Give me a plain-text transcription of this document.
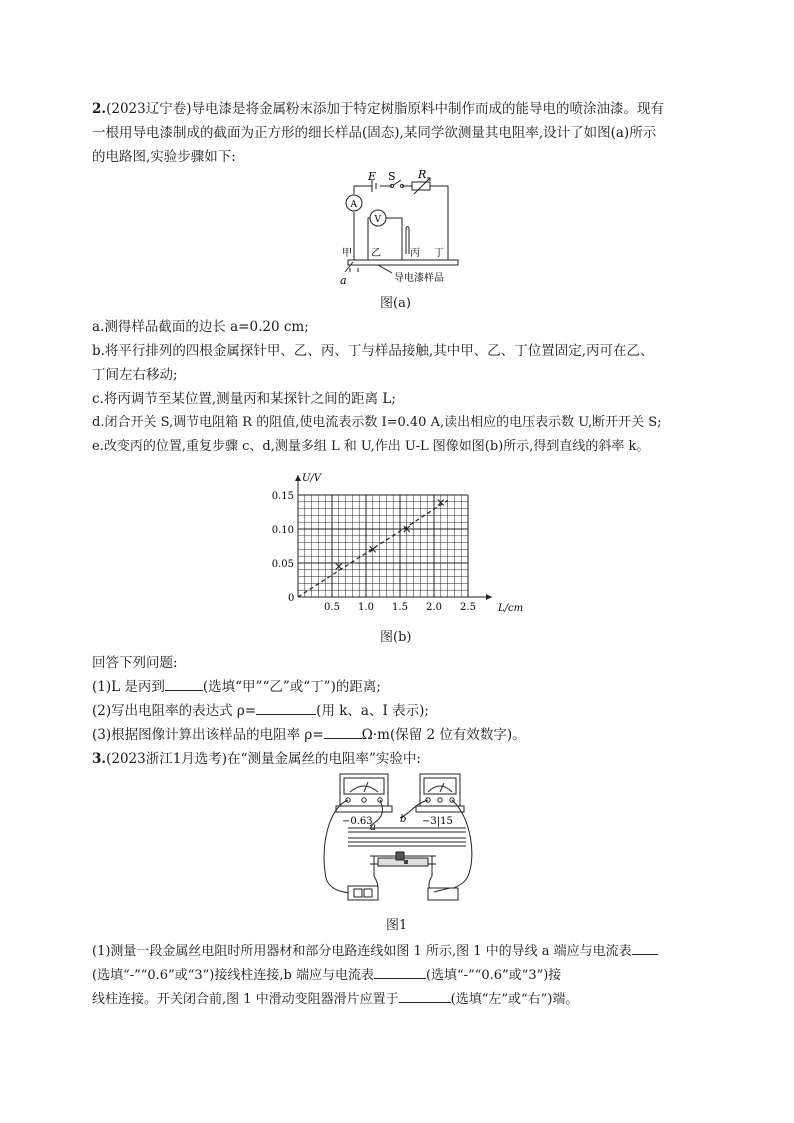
2.(2023辽宁卷)导电漆是将金属粉末添加于特定树脂原料中制作而成的能导电的喷涂油漆。现有
一根用导电漆制成的截面为正方形的细长样品(固态),某同学欲测量其电阻率,设计了如图(a)所示
的电路图,实验步骤如下:
E S R
A
V
甲 乙	丙 丁
a	导电漆样品
图(a)
a.测得样品截面的边长 a=0.20 cm;
b.将平行排列的四根金属探针甲、乙、丙、丁与样品接触,其中甲、乙、丁位置固定,丙可在乙、
丁间左右移动;
c.将丙调节至某位置,测量丙和某探针之间的距离 L;
d.闭合开关 S,调节电阻箱 R 的阻值,使电流表示数 I=0.40 A,读出相应的电压表示数 U,断开开关 S;
e.改变丙的位置,重复步骤 c、d,测量多组 L 和 U,作出 U-L 图像如图(b)所示,得到直线的斜率 k。
0.5 1.0 1.5 2.0 2.5
0.05
0.10
0.15
0
L/cm
U/V
图(b)
回答下列问题:
(1)L 是丙到	(选填“甲”“乙”或“丁”)的距离;
(2)写出电阻率的表达式 ρ=	(用 k、a、I 表示);
(3)根据图像计算出该样品的电阻率 ρ=	Ω·m(保留 2 位有效数字)。
3.(2023浙江1月选考)在“测量金属丝的电阻率”实验中:
−0.63	−3|15
a
b
图1
(1)测量一段金属丝电阻时所用器材和部分电路连线如图 1 所示,图 1 中的导线 a 端应与电流表
(选填“-”“0.6”或“3”)接线柱连接,b 端应与电流表	(选填“-”“0.6”或“3”)接
线柱连接。开关闭合前,图 1 中滑动变阻器滑片应置于	(选填“左”或“右”)端。
